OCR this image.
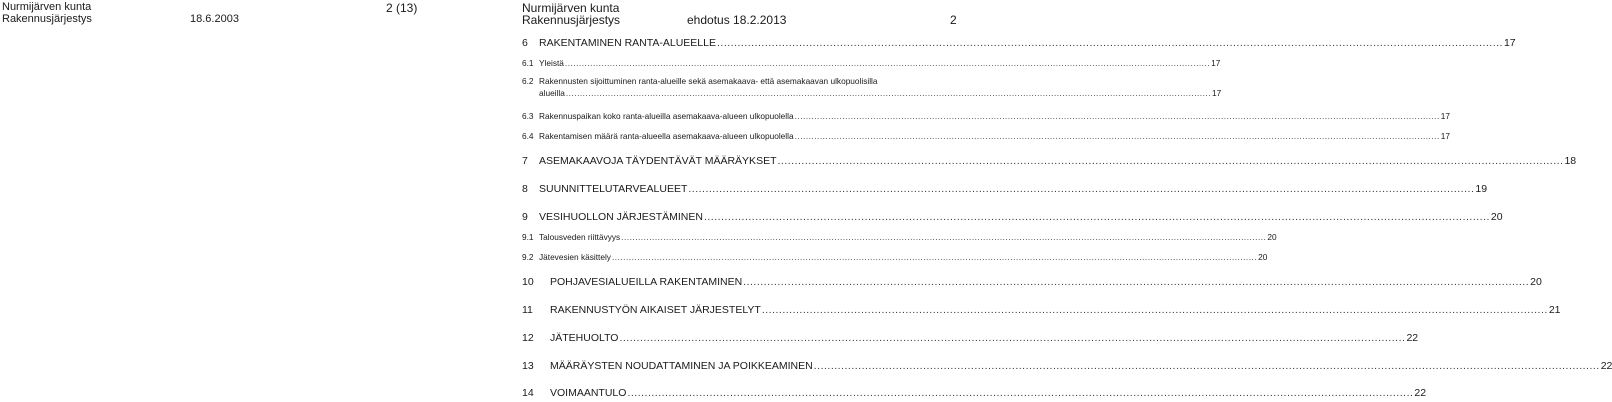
Nurmijärven kunta
Rakennusjärjestys	18.6.2003
2 (13)	Nurmijärven kunta
Rakennusjärjestys	ehdotus 18.2.2013	2
6	RAKENTAMINEN RANTA-ALUEELLE .....	17
6.1 Yleistä .....	17
6.2 Rakennusten sijoittuminen ranta-alueille sekä asemakaava- että asemakaavan ulkopuolisilla
alueilla .....	17
6.3 Rakennuspaikan koko ranta-alueilla asemakaava-alueen ulkopuolella .....	17
6.4 Rakentamisen määrä ranta-alueella asemakaava-alueen ulkopuolella .....	17
7	ASEMAKAAVOJA TÄYDENTÄVÄT MÄÄRÄYKSET .....	18
8	SUUNNITTELUTARVEALUEET .....	19
9	VESIHUOLLON JÄRJESTÄMINEN .....	20
9.1 Talousveden riittävyys .....	20
9.2 Jätevesien käsittely .....	20
10	POHJAVESIALUEILLA RAKENTAMINEN .....	20
11	RAKENNUSTYÖN AIKAISET JÄRJESTELYT .....	21
12	JÄTEHUOLTO .....	22
13	MÄÄRÄYSTEN NOUDATTAMINEN JA POIKKEAMINEN .....	22
14	VOIMAANTULO .....	22
